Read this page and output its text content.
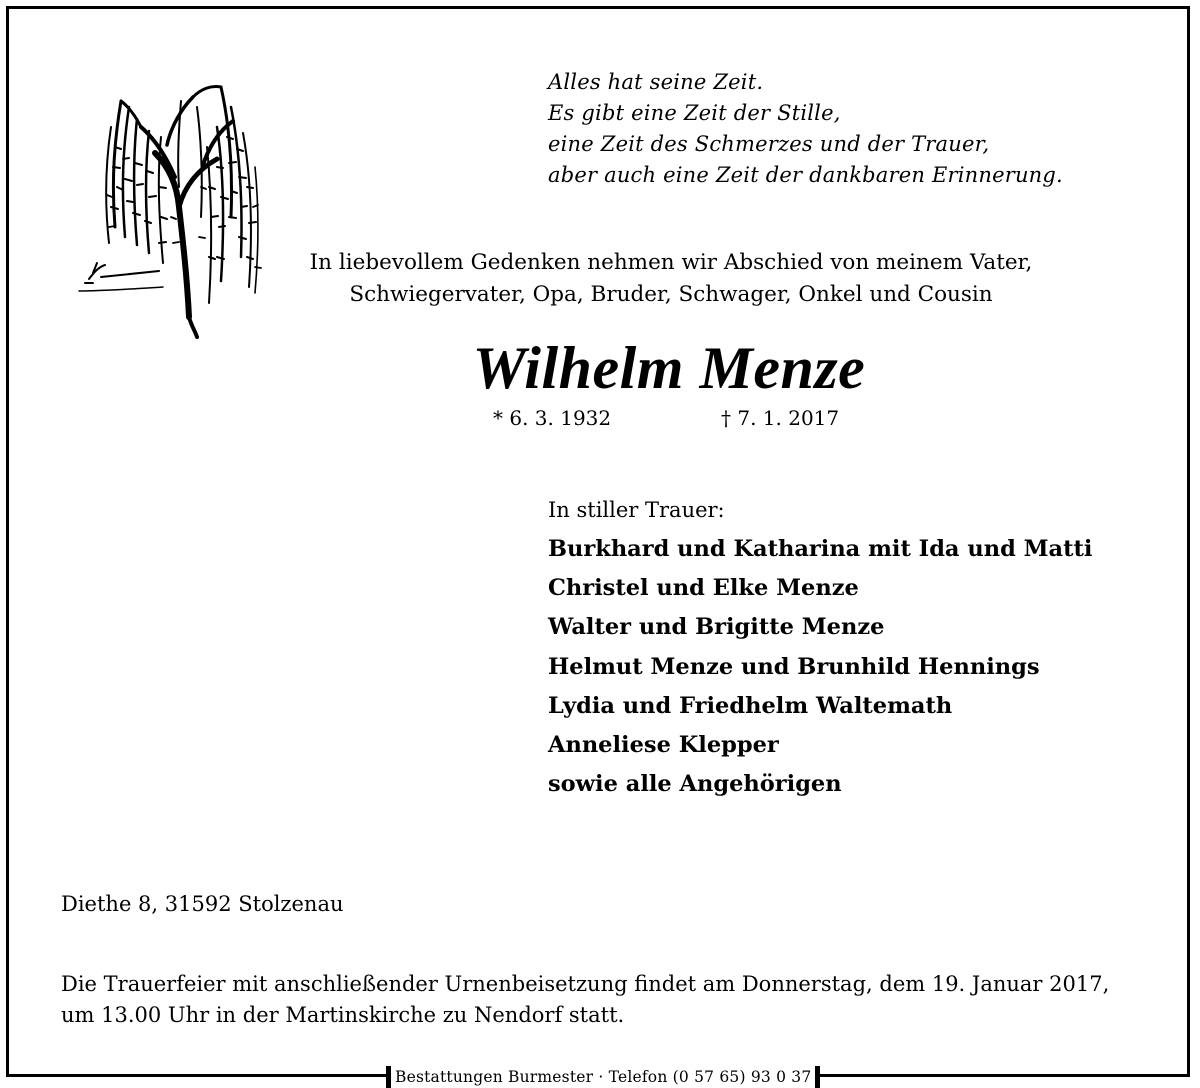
Alles hat seine Zeit.
Es gibt eine Zeit der Stille,
eine Zeit des Schmerzes und der Trauer,
aber auch eine Zeit der dankbaren Erinnerung.
In liebevollem Gedenken nehmen wir Abschied von meinem Vater,
Schwiegervater, Opa, Bruder, Schwager, Onkel und Cousin
Wilhelm Menze
* 6. 3. 1932	† 7. 1. 2017
In stiller Trauer:
Burkhard und Katharina mit Ida und Matti
Christel und Elke Menze
Walter und Brigitte Menze
Helmut Menze und Brunhild Hennings
Lydia und Friedhelm Waltemath
Anneliese Klepper
sowie alle Angehörigen
Diethe 8, 31592 Stolzenau
Die Trauerfeier mit anschließender Urnenbeisetzung findet am Donnerstag, dem 19. Januar 2017,
um 13.00 Uhr in der Martinskirche zu Nendorf statt.
Bestattungen Burmester · Telefon (0 57 65) 93 0 37
